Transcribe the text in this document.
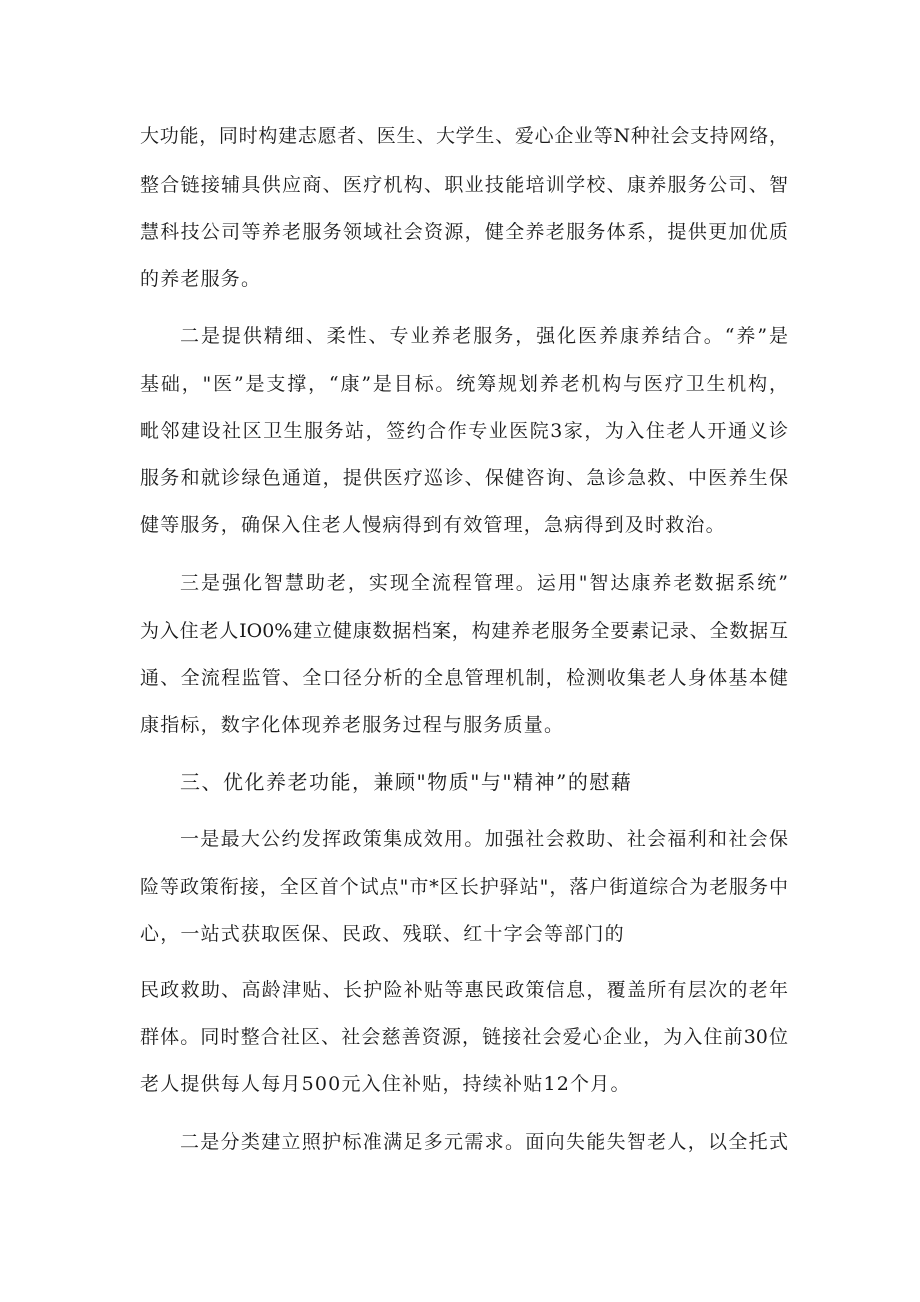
大功能，同时构建志愿者、医生、大学生、爱心企业等N种社会支持网络，
整合链接辅具供应商、医疗机构、职业技能培训学校、康养服务公司、智
慧科技公司等养老服务领域社会资源，健全养老服务体系，提供更加优质
的养老服务。
二是提供精细、柔性、专业养老服务，强化医养康养结合。“养”是
基础，"医”是支撑，“康”是目标。统筹规划养老机构与医疗卫生机构，
毗邻建设社区卫生服务站，签约合作专业医院3家，为入住老人开通义诊
服务和就诊绿色通道，提供医疗巡诊、保健咨询、急诊急救、中医养生保
健等服务，确保入住老人慢病得到有效管理，急病得到及时救治。
三是强化智慧助老，实现全流程管理。运用"智达康养老数据系统”
为入住老人IO0%建立健康数据档案，构建养老服务全要素记录、全数据互
通、全流程监管、全口径分析的全息管理机制，检测收集老人身体基本健
康指标，数字化体现养老服务过程与服务质量。
三、优化养老功能，兼顾"物质"与"精神”的慰藉
一是最大公约发挥政策集成效用。加强社会救助、社会福利和社会保
险等政策衔接，全区首个试点"市*区长护驿站"，落户街道综合为老服务中
心，一站式获取医保、民政、残联、红十字会等部门的
民政救助、高龄津贴、长护险补贴等惠民政策信息，覆盖所有层次的老年
群体。同时整合社区、社会慈善资源，链接社会爱心企业，为入住前30位
老人提供每人每月500元入住补贴，持续补贴12个月。
二是分类建立照护标准满足多元需求。面向失能失智老人，以全托式
